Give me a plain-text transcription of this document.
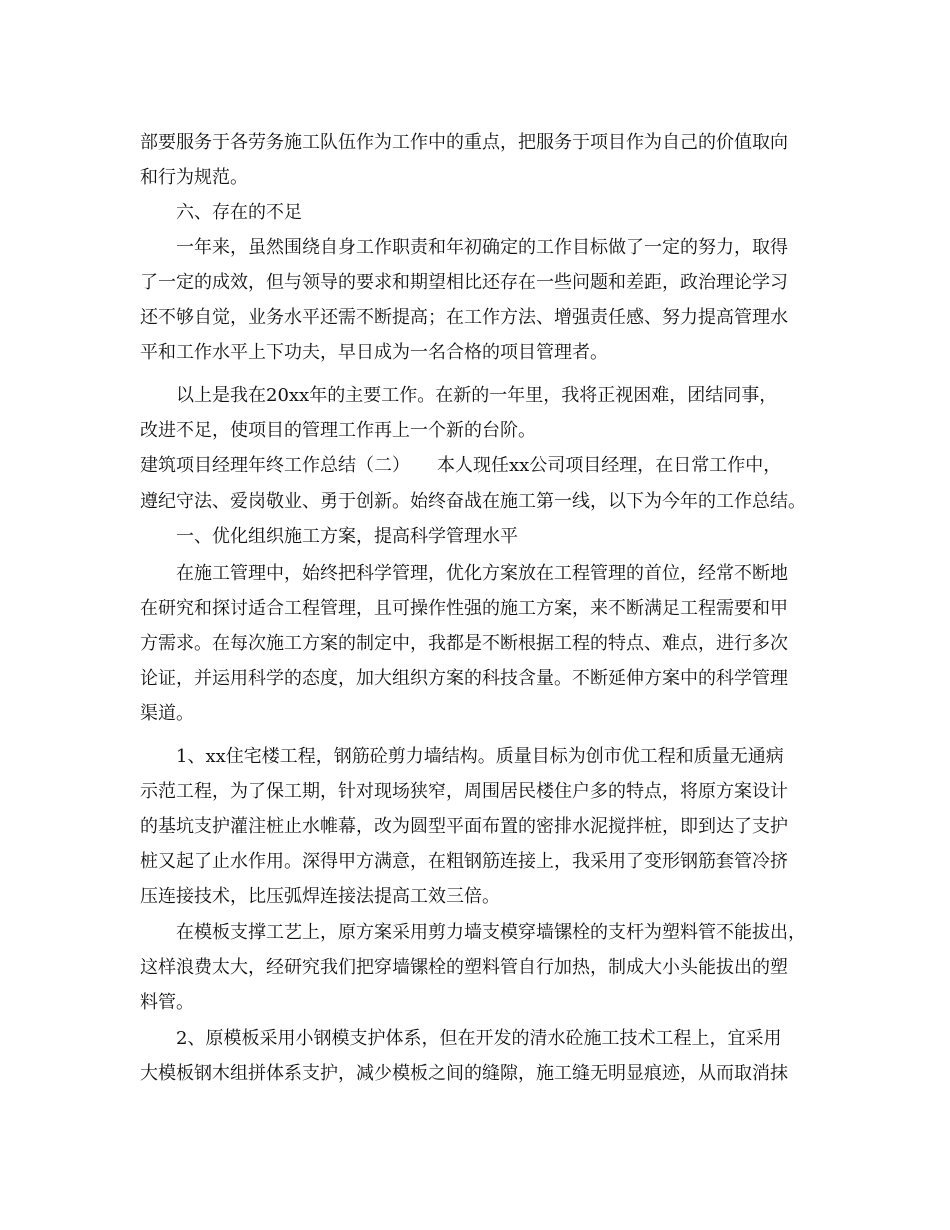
部要服务于各劳务施工队伍作为工作中的重点，把服务于项目作为自己的价值取向
和行为规范。
六、存在的不足
一年来，虽然围绕自身工作职责和年初确定的工作目标做了一定的努力，取得
了一定的成效，但与领导的要求和期望相比还存在一些问题和差距，政治理论学习
还不够自觉，业务水平还需不断提高；在工作方法、增强责任感、努力提高管理水
平和工作水平上下功夫，早日成为一名合格的项目管理者。
以上是我在20xx年的主要工作。在新的一年里，我将正视困难，团结同事，
改进不足，使项目的管理工作再上一个新的台阶。
建筑项目经理年终工作总结（二）　　本人现任xx公司项目经理，在日常工作中，
遵纪守法、爱岗敬业、勇于创新。始终奋战在施工第一线，以下为今年的工作总结。
一、优化组织施工方案，提高科学管理水平
在施工管理中，始终把科学管理，优化方案放在工程管理的首位，经常不断地
在研究和探讨适合工程管理，且可操作性强的施工方案，来不断满足工程需要和甲
方需求。在每次施工方案的制定中，我都是不断根据工程的特点、难点，进行多次
论证，并运用科学的态度，加大组织方案的科技含量。不断延伸方案中的科学管理
渠道。
1、xx住宅楼工程，钢筋砼剪力墙结构。质量目标为创市优工程和质量无通病
示范工程，为了保工期，针对现场狭窄，周围居民楼住户多的特点，将原方案设计
的基坑支护灌注桩止水帷幕，改为圆型平面布置的密排水泥搅拌桩，即到达了支护
桩又起了止水作用。深得甲方满意，在粗钢筋连接上，我采用了变形钢筋套管冷挤
压连接技术，比压弧焊连接法提高工效三倍。
在模板支撑工艺上，原方案采用剪力墙支模穿墙镙栓的支杆为塑料管不能拔出，
这样浪费太大，经研究我们把穿墙镙栓的塑料管自行加热，制成大小头能拔出的塑
料管。
2、原模板采用小钢模支护体系，但在开发的清水砼施工技术工程上，宜采用
大模板钢木组拼体系支护，减少模板之间的缝隙，施工缝无明显痕迹，从而取消抹
